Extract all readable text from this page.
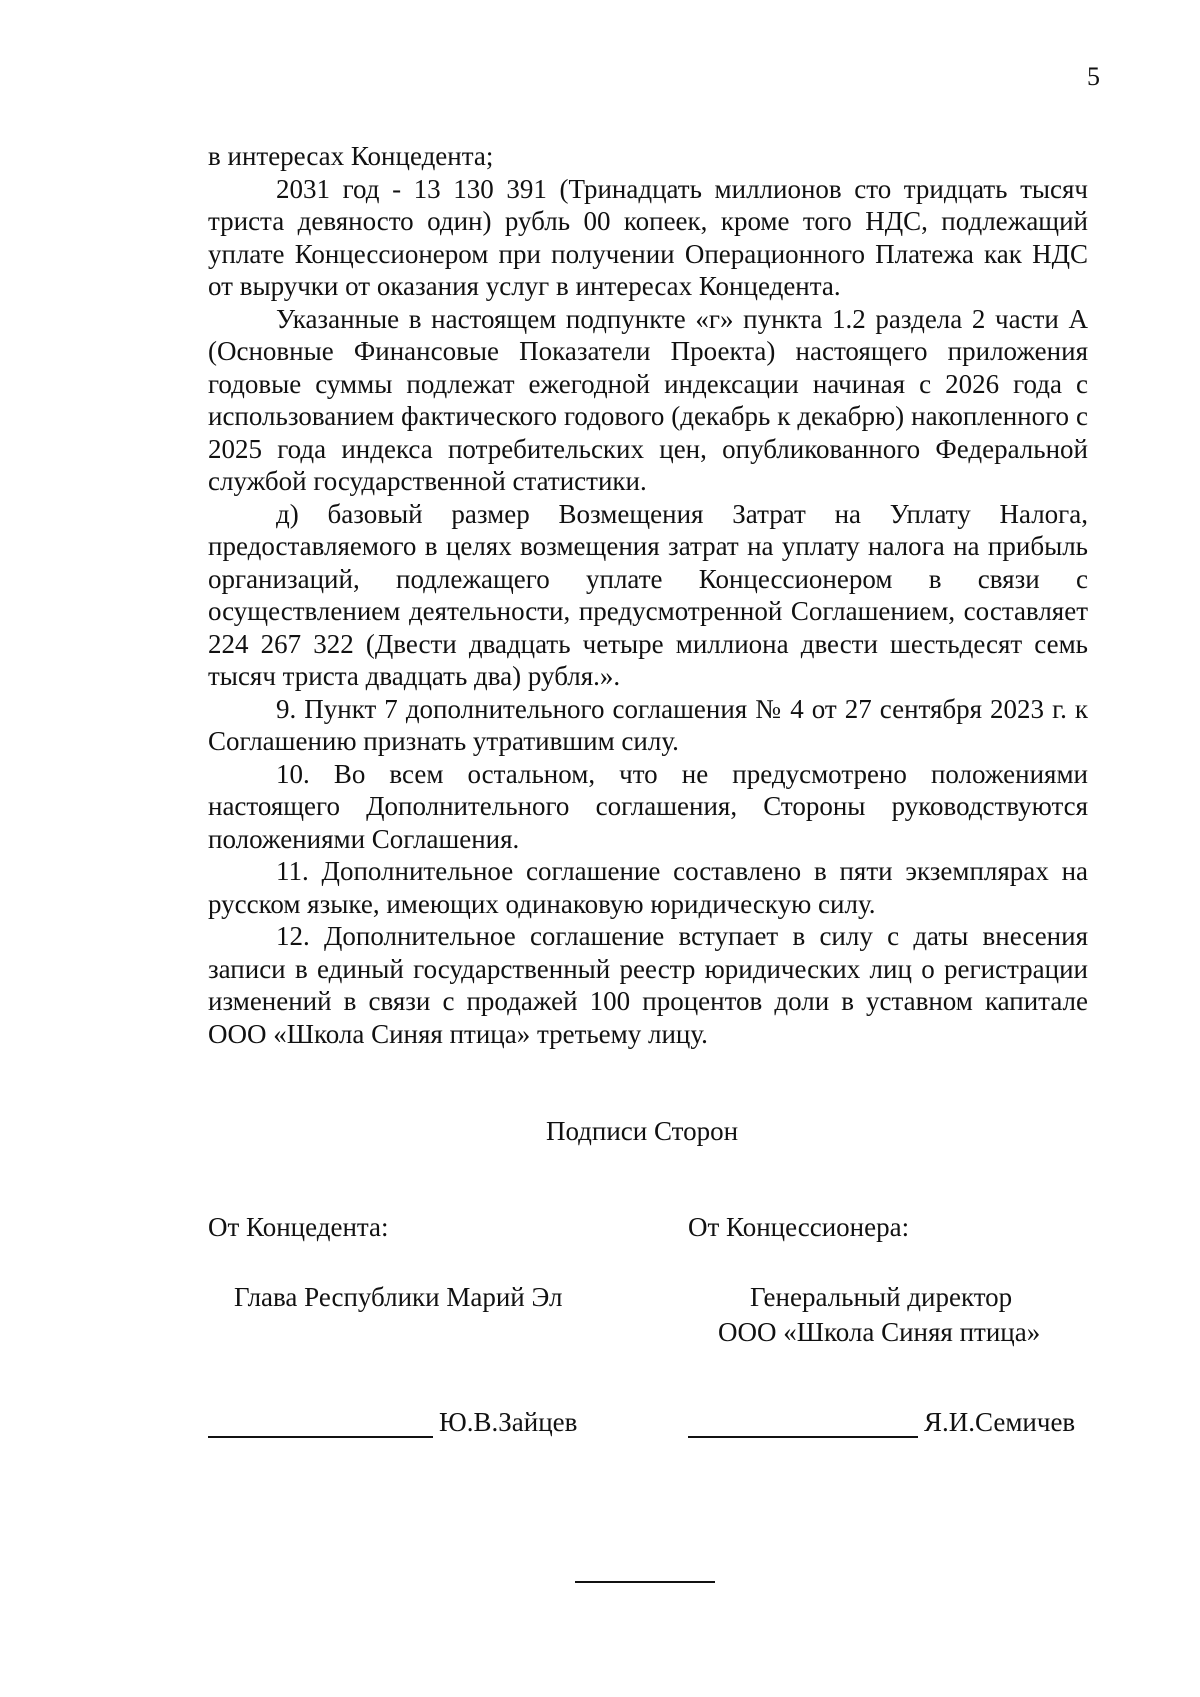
5

в интересах Концедента;

2031 год - 13 130 391 (Тринадцать миллионов сто тридцать тысяч триста девяносто один) рубль 00 копеек, кроме того НДС, подлежащий уплате Концессионером при получении Операционного Платежа как НДС от выручки от оказания услуг в интересах Концедента.

Указанные в настоящем подпункте «г» пункта 1.2 раздела 2 части А (Основные Финансовые Показатели Проекта) настоящего приложения годовые суммы подлежат ежегодной индексации начиная с 2026 года с использованием фактического годового (декабрь к декабрю) накопленного с 2025 года индекса потребительских цен, опубликованного Федеральной службой государственной статистики.

д) базовый размер Возмещения Затрат на Уплату Налога, предоставляемого в целях возмещения затрат на уплату налога на прибыль организаций, подлежащего уплате Концессионером в связи с осуществлением деятельности, предусмотренной Соглашением, составляет 224 267 322 (Двести двадцать четыре миллиона двести шестьдесят семь тысяч триста двадцать два) рубля.».

9. Пункт 7 дополнительного соглашения № 4 от 27 сентября 2023 г. к Соглашению признать утратившим силу.

10. Во всем остальном, что не предусмотрено положениями настоящего Дополнительного соглашения, Стороны руководствуются положениями Соглашения.

11. Дополнительное соглашение составлено в пяти экземплярах на русском языке, имеющих одинаковую юридическую силу.

12. Дополнительное соглашение вступает в силу с даты внесения записи в единый государственный реестр юридических лиц о регистрации изменений в связи с продажей 100 процентов доли в уставном капитале ООО «Школа Синяя птица» третьему лицу.

Подписи Сторон
От Концедента:	От Концессионера:
Глава Республики Марий Эл	Генеральный директор
ООО «Школа Синяя птица»
Ю.В.Зайцев	Я.И.Семичев
